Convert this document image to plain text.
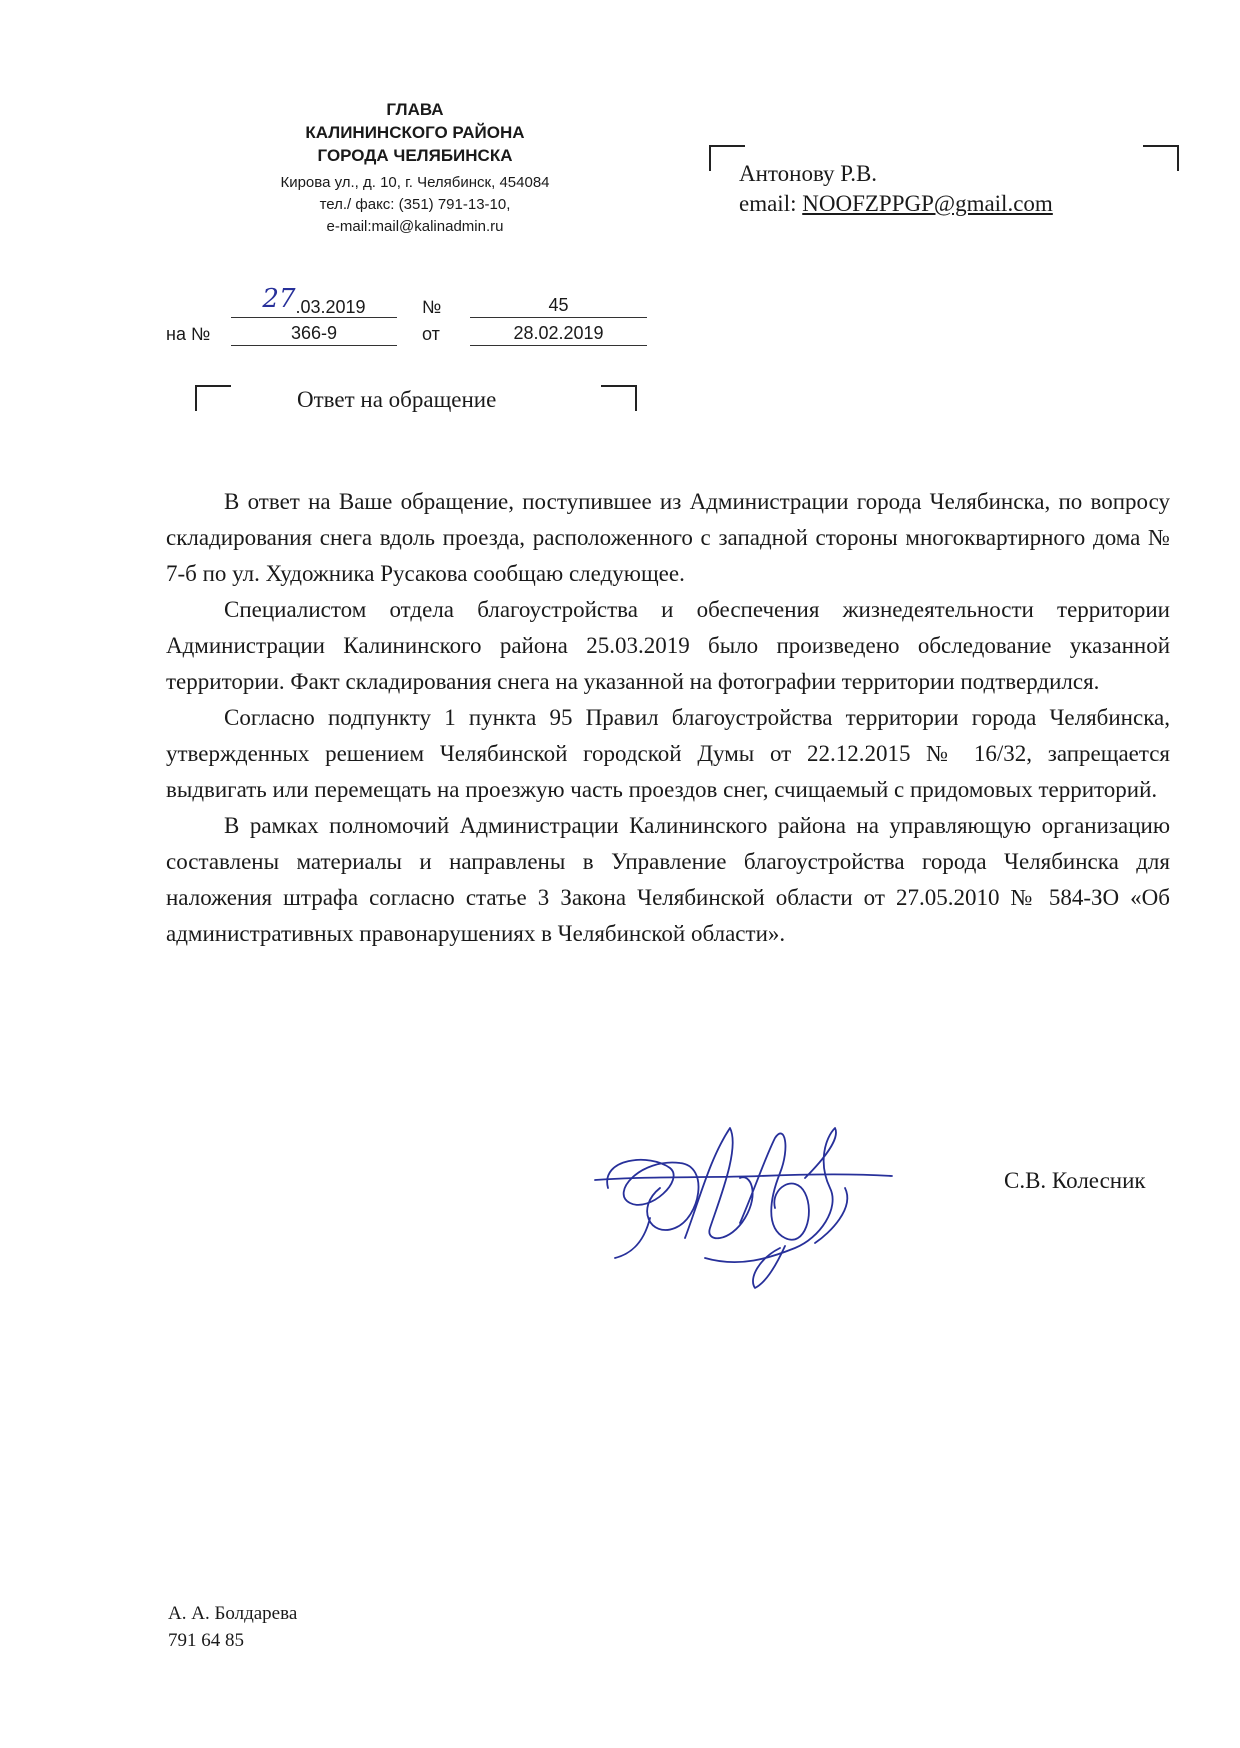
ГЛАВА
КАЛИНИНСКОГО РАЙОНА
ГОРОДА ЧЕЛЯБИНСКА
Кирова ул., д. 10, г. Челябинск, 454084
тел./ факс: (351) 791-13-10,
e-mail:mail@kalinadmin.ru
Антонову Р.В.
email: NOOFZPPGP@gmail.com
27.03.2019	№	45
на №	366-9	от	28.02.2019
Ответ на обращение

В ответ на Ваше обращение, поступившее из Администрации города Челябинска, по вопросу складирования снега вдоль проезда, расположенного с западной стороны многоквартирного дома № 7-б по ул. Художника Русакова сообщаю следующее.

Специалистом отдела благоустройства и обеспечения жизнедеятельности территории Администрации Калининского района 25.03.2019 было произведено обследование указанной территории. Факт складирования снега на указанной на фотографии территории подтвердился.

Согласно подпункту 1 пункта 95 Правил благоустройства территории города Челябинска, утвержденных решением Челябинской городской Думы от 22.12.2015 № 16/32, запрещается выдвигать или перемещать на проезжую часть проездов снег, счищаемый с придомовых территорий.

В рамках полномочий Администрации Калининского района на управляющую организацию составлены материалы и направлены в Управление благоустройства города Челябинска для наложения штрафа согласно статье 3 Закона Челябинской области от 27.05.2010 № 584-ЗО «Об административных правонарушениях в Челябинской области».

С.В. Колесник
А. А. Болдарева
791 64 85
